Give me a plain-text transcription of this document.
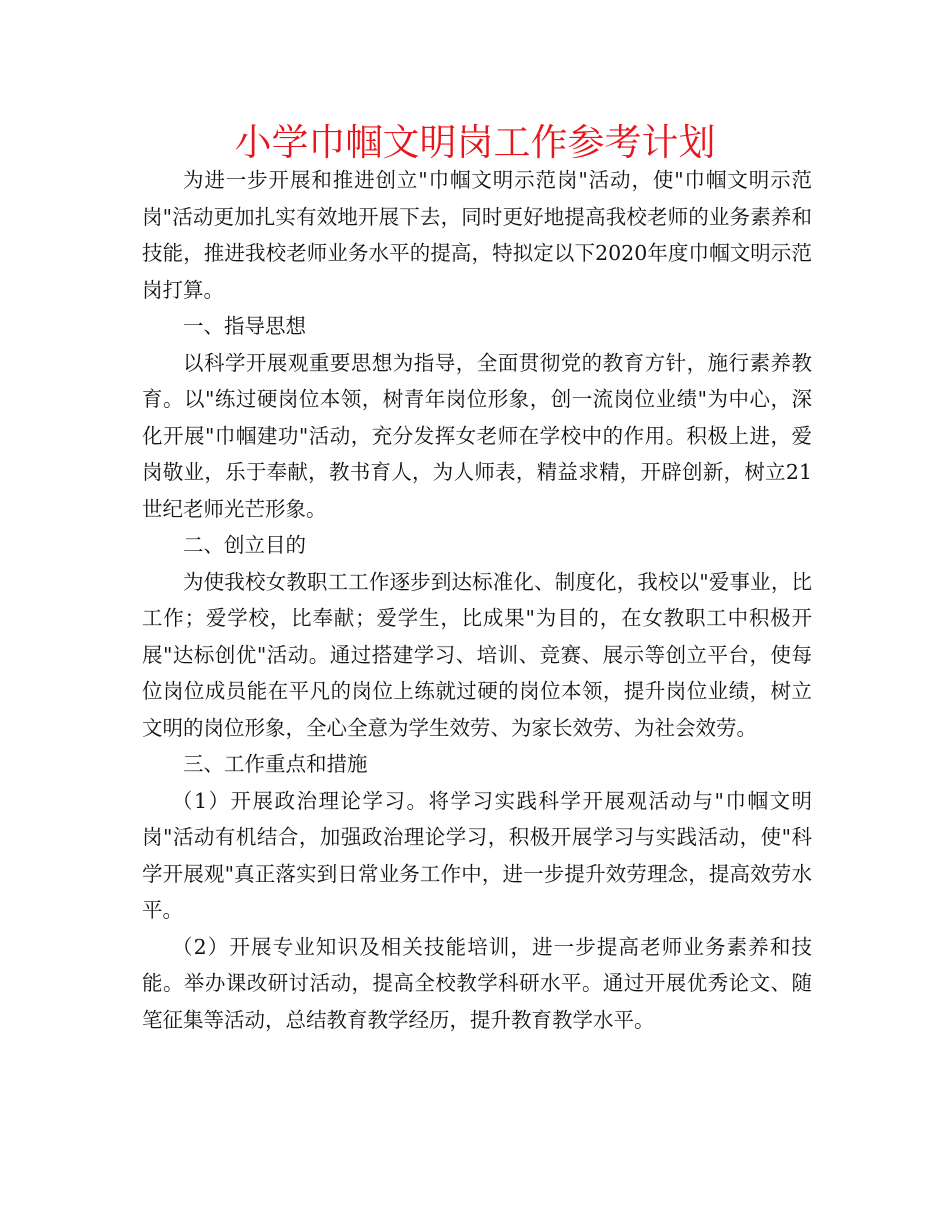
小学巾帼文明岗工作参考计划

为进一步开展和推进创立"巾帼文明示范岗"活动，使"巾帼文明示范岗"活动更加扎实有效地开展下去，同时更好地提高我校老师的业务素养和技能，推进我校老师业务水平的提高，特拟定以下2020年度巾帼文明示范岗打算。

一、指导思想

以科学开展观重要思想为指导，全面贯彻党的教育方针，施行素养教育。以"练过硬岗位本领，树青年岗位形象，创一流岗位业绩"为中心，深化开展"巾帼建功"活动，充分发挥女老师在学校中的作用。积极上进，爱岗敬业，乐于奉献，教书育人，为人师表，精益求精，开辟创新，树立21世纪老师光芒形象。

二、创立目的

为使我校女教职工工作逐步到达标准化、制度化，我校以"爱事业，比工作；爱学校，比奉献；爱学生，比成果"为目的，在女教职工中积极开展"达标创优"活动。通过搭建学习、培训、竞赛、展示等创立平台，使每位岗位成员能在平凡的岗位上练就过硬的岗位本领，提升岗位业绩，树立文明的岗位形象，全心全意为学生效劳、为家长效劳、为社会效劳。

三、工作重点和措施

（1）开展政治理论学习。将学习实践科学开展观活动与"巾帼文明岗"活动有机结合，加强政治理论学习，积极开展学习与实践活动，使"科学开展观"真正落实到日常业务工作中，进一步提升效劳理念，提高效劳水平。

（2）开展专业知识及相关技能培训，进一步提高老师业务素养和技能。举办课改研讨活动，提高全校教学科研水平。通过开展优秀论文、随笔征集等活动，总结教育教学经历，提升教育教学水平。
